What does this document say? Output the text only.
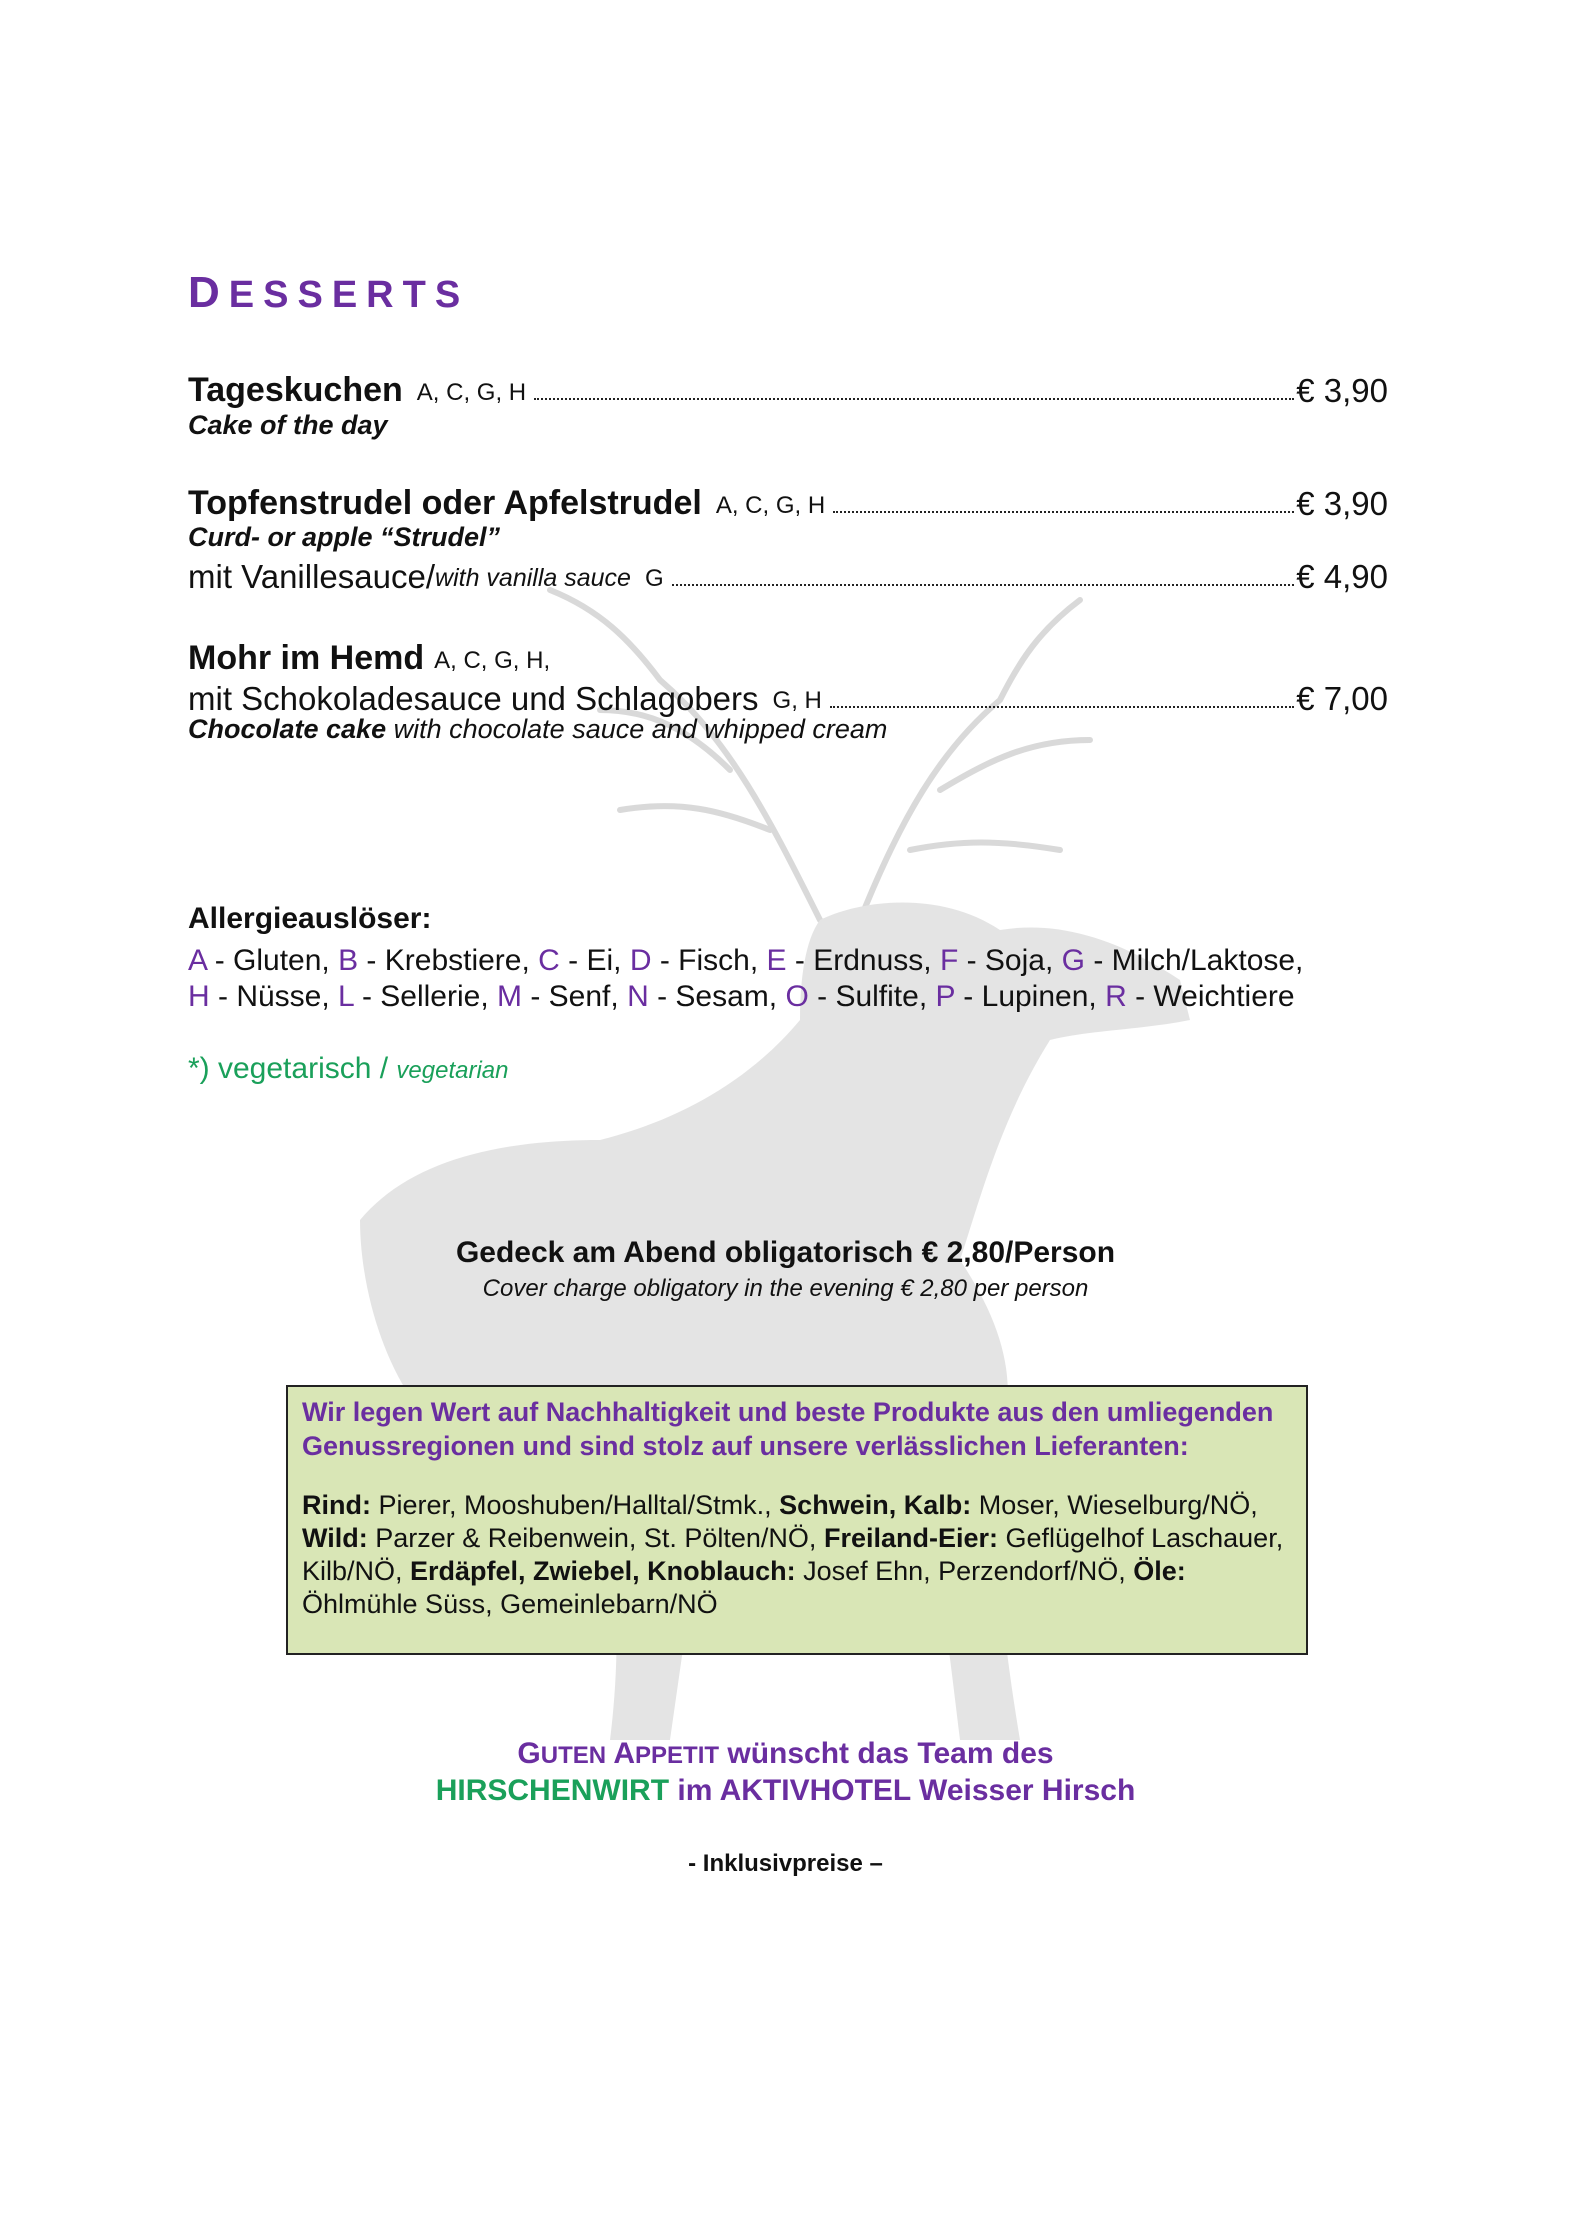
DESSERTS
Tageskuchen A, C, G, H	€ 3,90
Cake of the day
Topfenstrudel oder Apfelstrudel A, C, G, H	€ 3,90
Curd- or apple “Strudel”
mit Vanillesauce/ with vanilla sauce G	€ 4,90
Mohr im Hemd A, C, G, H,
mit Schokoladesauce und Schlagobers G, H	€ 7,00
Chocolate cake with chocolate sauce and whipped cream
Allergieauslöser:
A - Gluten, B - Krebstiere, C - Ei, D - Fisch, E - Erdnuss, F - Soja, G - Milch/Laktose,
H - Nüsse, L - Sellerie, M - Senf, N - Sesam, O - Sulfite, P - Lupinen, R - Weichtiere
*) vegetarisch / vegetarian
Gedeck am Abend obligatorisch € 2,80/Person
Cover charge obligatory in the evening € 2,80 per person

Wir legen Wert auf Nachhaltigkeit und beste Produkte aus den umliegenden Genussregionen und sind stolz auf unsere verlässlichen Lieferanten:

Rind: Pierer, Mooshuben/Halltal/Stmk., Schwein, Kalb: Moser, Wieselburg/NÖ, Wild: Parzer & Reibenwein, St. Pölten/NÖ, Freiland-Eier: Geflügelhof Laschauer, Kilb/NÖ, Erdäpfel, Zwiebel, Knoblauch: Josef Ehn, Perzendorf/NÖ, Öle: Öhlmühle Süss, Gemeinlebarn/NÖ

GUTEN APPETIT wünscht das Team des
HIRSCHENWIRT im AKTIVHOTEL Weisser Hirsch
- Inklusivpreise –
